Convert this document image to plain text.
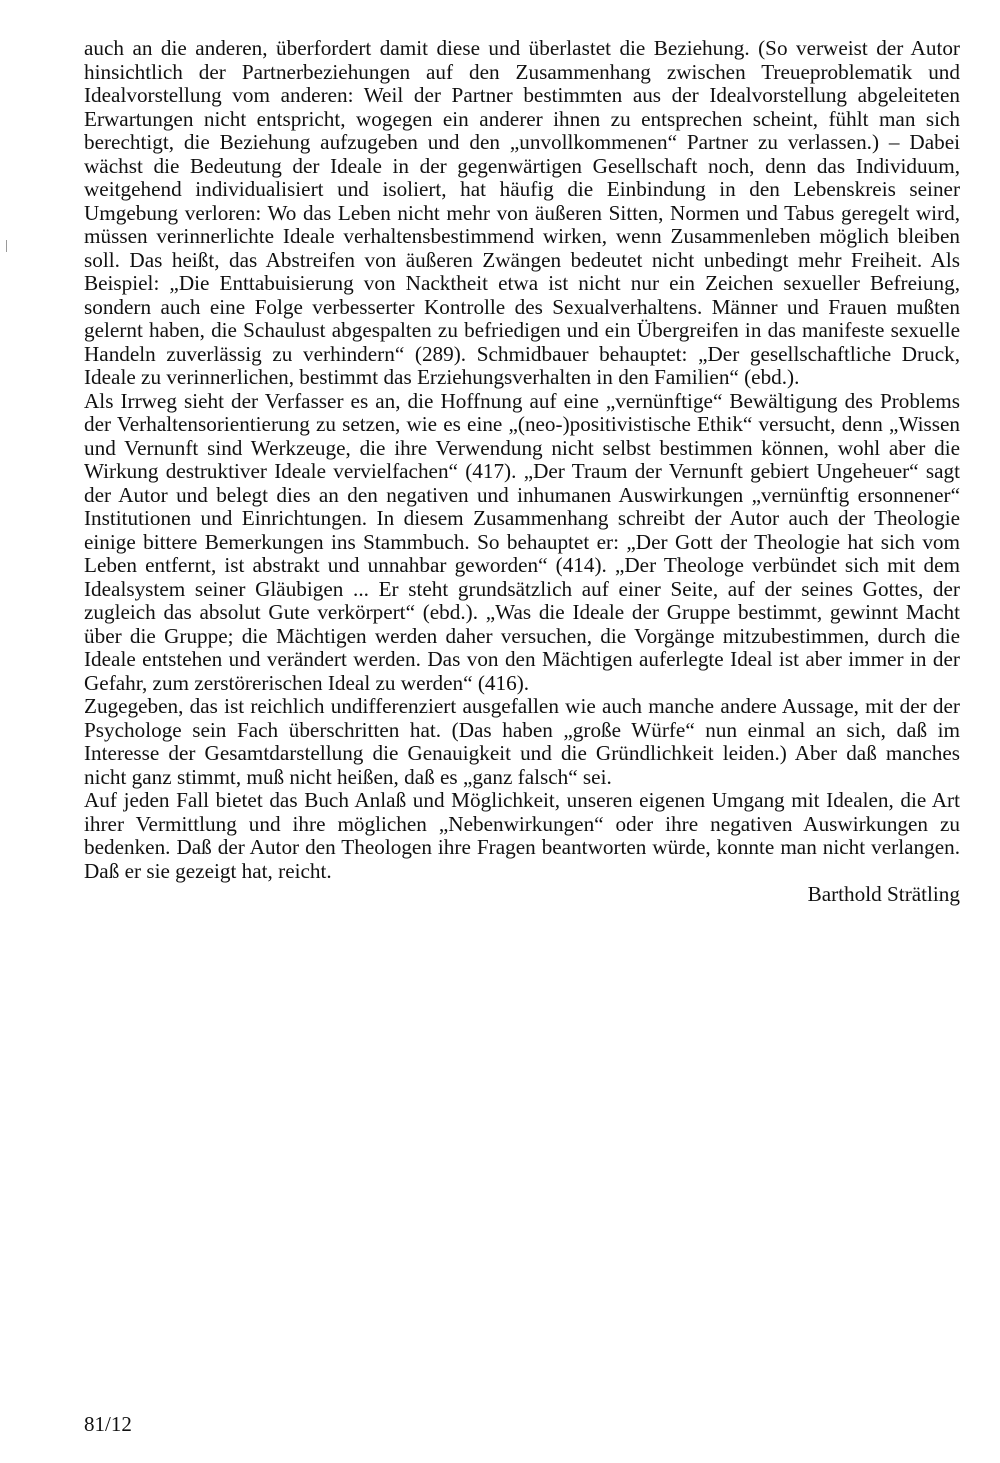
auch an die anderen, überfordert damit diese und überlastet die Beziehung. (So verweist der Autor hinsichtlich der Partnerbeziehungen auf den Zusammenhang zwischen Treueproblematik und Idealvorstellung vom anderen: Weil der Partner bestimmten aus der Idealvorstellung abgeleiteten Erwartungen nicht entspricht, wogegen ein anderer ihnen zu entsprechen scheint, fühlt man sich berechtigt, die Beziehung aufzugeben und den „unvollkommenen“ Partner zu verlassen.) – Dabei wächst die Bedeutung der Ideale in der gegenwärtigen Gesellschaft noch, denn das Individuum, weitgehend individualisiert und isoliert, hat häufig die Einbindung in den Lebenskreis seiner Umgebung verloren: Wo das Leben nicht mehr von äußeren Sitten, Normen und Tabus geregelt wird, müssen verinnerlichte Ideale verhaltensbestimmend wirken, wenn Zusammenleben möglich bleiben soll. Das heißt, das Abstreifen von äußeren Zwängen bedeutet nicht unbedingt mehr Freiheit. Als Beispiel: „Die Enttabuisierung von Nacktheit etwa ist nicht nur ein Zeichen sexueller Befreiung, sondern auch eine Folge verbesserter Kontrolle des Sexualverhaltens. Männer und Frauen mußten gelernt haben, die Schaulust abgespalten zu befriedigen und ein Übergreifen in das manifeste sexuelle Handeln zuverlässig zu verhindern“ (289). Schmidbauer behauptet: „Der gesellschaftliche Druck, Ideale zu verinnerlichen, bestimmt das Erziehungsverhalten in den Familien“ (ebd.).

Als Irrweg sieht der Verfasser es an, die Hoffnung auf eine „vernünftige“ Bewältigung des Problems der Verhaltensorientierung zu setzen, wie es eine „(neo-)positivistische Ethik“ versucht, denn „Wissen und Vernunft sind Werkzeuge, die ihre Verwendung nicht selbst bestimmen können, wohl aber die Wirkung destruktiver Ideale vervielfachen“ (417). „Der Traum der Vernunft gebiert Ungeheuer“ sagt der Autor und belegt dies an den negativen und inhumanen Auswirkungen „vernünftig ersonnener“ Institutionen und Einrichtungen. In diesem Zusammenhang schreibt der Autor auch der Theologie einige bittere Bemerkungen ins Stammbuch. So behauptet er: „Der Gott der Theologie hat sich vom Leben entfernt, ist abstrakt und unnahbar geworden“ (414). „Der Theologe verbündet sich mit dem Idealsystem seiner Gläubigen ... Er steht grundsätzlich auf einer Seite, auf der seines Gottes, der zugleich das absolut Gute verkörpert“ (ebd.). „Was die Ideale der Gruppe bestimmt, gewinnt Macht über die Gruppe; die Mächtigen werden daher versuchen, die Vorgänge mitzubestimmen, durch die Ideale entstehen und verändert werden. Das von den Mächtigen auferlegte Ideal ist aber immer in der Gefahr, zum zerstörerischen Ideal zu werden“ (416).

Zugegeben, das ist reichlich undifferenziert ausgefallen wie auch manche andere Aussage, mit der der Psychologe sein Fach überschritten hat. (Das haben „große Würfe“ nun einmal an sich, daß im Interesse der Gesamtdarstellung die Genauigkeit und die Gründlichkeit leiden.) Aber daß manches nicht ganz stimmt, muß nicht heißen, daß es „ganz falsch“ sei.

Auf jeden Fall bietet das Buch Anlaß und Möglichkeit, unseren eigenen Umgang mit Idealen, die Art ihrer Vermittlung und ihre möglichen „Nebenwirkungen“ oder ihre negativen Auswirkungen zu bedenken. Daß der Autor den Theologen ihre Fragen beantworten würde, konnte man nicht verlangen. Daß er sie gezeigt hat, reicht.

Barthold Strätling

81/12
